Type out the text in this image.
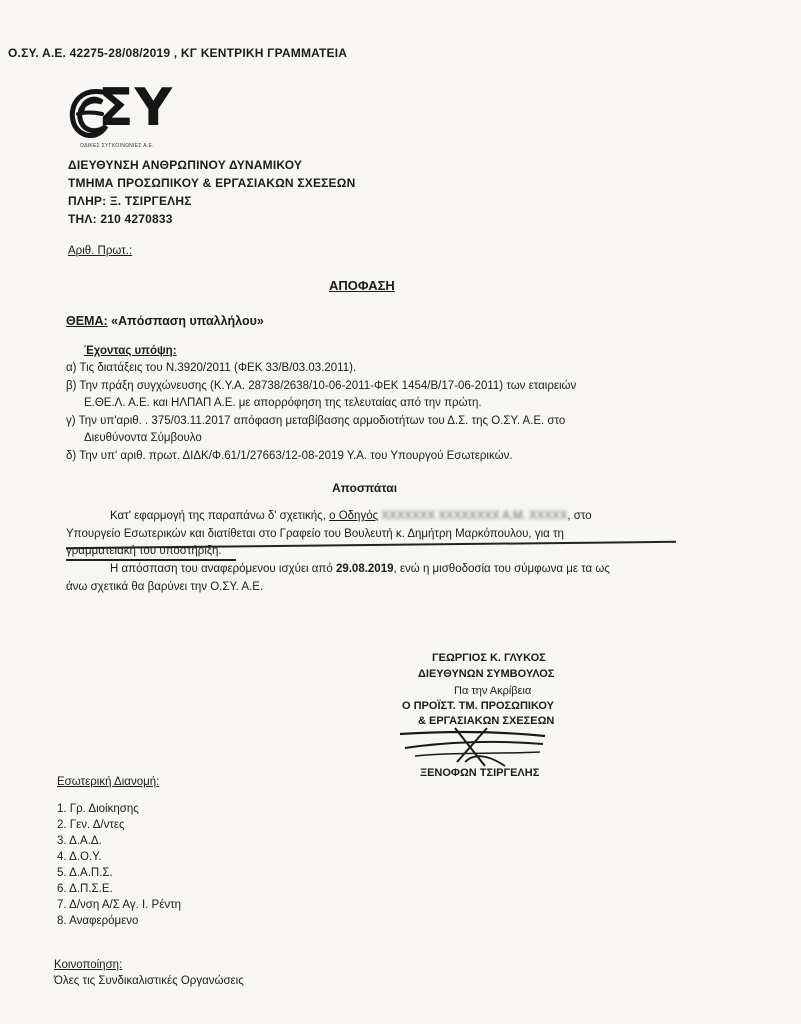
Ο.ΣΥ. Α.Ε. 42275-28/08/2019 , ΚΓ ΚΕΝΤΡΙΚΗ ΓΡΑΜΜΑΤΕΙΑ
ΣΥ
ΟΔΙΚΕΣ ΣΥΓΚΟΙΝΩΝΙΕΣ Α.Ε.
ΔΙΕΥΘΥΝΣΗ ΑΝΘΡΩΠΙΝΟΥ ΔΥΝΑΜΙΚΟΥ
ΤΜΗΜΑ ΠΡΟΣΩΠΙΚΟΥ & ΕΡΓΑΣΙΑΚΩΝ ΣΧΕΣΕΩΝ
ΠΛΗΡ: Ξ. ΤΣΙΡΓΕΛΗΣ
ΤΗΛ: 210 4270833
Αριθ. Πρωτ.:
ΑΠΟΦΑΣΗ
ΘΕΜΑ: «Απόσπαση υπαλλήλου»
Έχοντας υπόψη:
α) Τις διατάξεις του Ν.3920/2011 (ΦΕΚ 33/Β/03.03.2011).
β) Την πράξη συγχώνευσης (Κ.Υ.Α. 28738/2638/10-06-2011-ΦΕΚ 1454/Β/17-06-2011) των εταιρειών
Ε.ΘΕ.Λ. Α.Ε. και ΗΛΠΑΠ Α.Ε. με απορρόφηση της τελευταίας από την πρώτη.
γ) Την υπ'αριθ. . 375/03.11.2017 απόφαση μεταβίβασης αρμοδιοτήτων του Δ.Σ. της Ο.ΣΥ. Α.Ε. στο
Διευθύνοντα Σύμβουλο
δ) Την υπ' αριθ. πρωτ. ΔΙΔΚ/Φ.61/1/27663/12-08-2019 Υ.Α. του Υπουργού Εσωτερικών.
Αποσπάται
Κατ' εφαρμογή της παραπάνω δ' σχετικής, ο Οδηγός ΧΧΧΧΧΧΧ ΧΧΧΧΧΧΧΧ Α.Μ. ΧΧΧΧΧ, στο
Υπουργείο Εσωτερικών και διατίθεται στο Γραφείο του Βουλευτή κ. Δημήτρη Μαρκόπουλου, για τη
γραμματειακή του υποστήριξη.
Η απόσπαση του αναφερόμενου ισχύει από 29.08.2019, ενώ η μισθοδοσία του σύμφωνα με τα ως
άνω σχετικά θα βαρύνει την Ο.ΣΥ. Α.Ε.
ΓΕΩΡΓΙΟΣ Κ. ΓΛΥΚΟΣ
ΔΙΕΥΘΥΝΩΝ ΣΥΜΒΟΥΛΟΣ
Πα την Ακρίβεια
Ο ΠΡΟΪΣΤ. ΤΜ. ΠΡΟΣΩΠΙΚΟΥ
& ΕΡΓΑΣΙΑΚΩΝ ΣΧΕΣΕΩΝ
ΞΕΝΟΦΩΝ ΤΣΙΡΓΕΛΗΣ
Εσωτερική Διανομή:
1. Γρ. Διοίκησης
2. Γεν. Δ/ντες
3. Δ.Α.Δ.
4. Δ.Ο.Υ.
5. Δ.Α.Π.Σ.
6. Δ.Π.Σ.Ε.
7. Δ/νση Α/Σ Αγ. Ι. Ρέντη
8. Αναφερόμενο
Κοινοποίηση:
Όλες τις Συνδικαλιστικές Οργανώσεις
